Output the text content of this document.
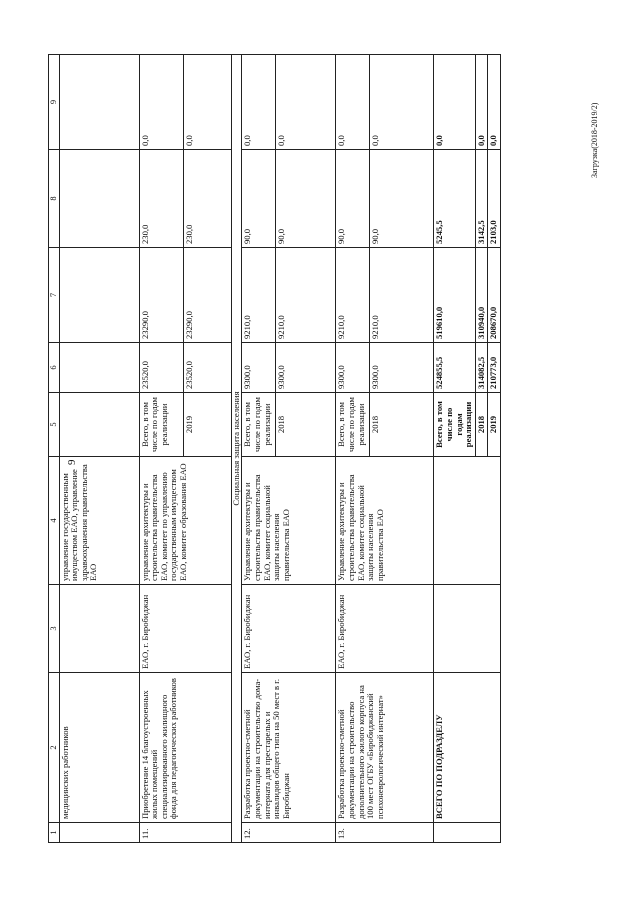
9
1	2	3	4	5	6	7	8	9
	медицинских работников		управление государственным имуществом ЕАО, управление здравоохранения правительства ЕАО					
11.	Приобретение 14 благоустроенных жилых помещений специализированного жилищного фонда для педагогических работников	ЕАО, г. Биробиджан	управление архитектуры и строительства правительства ЕАО, комитет по управлению государственным имуществом ЕАО, комитет образования ЕАО	Всего, в том числе по годам реализации	23520,0	23290,0	230,0	0,0
				2019	23520,0	23290,0	230,0	0,0
Социальная защита населения								
12.	Разработка проектно-сметной документации на строительство дома-интерната для престарелых и инвалидов общего типа на 50 мест в г. Биробиджан	ЕАО, г. Биробиджан	Управление архитектуры и строительства правительства ЕАО, комитет социальной защиты населения правительства ЕАО	Всего, в том числе по годам реализации	9300,0	9210,0	90,0	0,0
				2018	9300,0	9210,0	90,0	0,0
13.	Разработка проектно-сметной документации на строительство дополнительного жилого корпуса на 100 мест ОГБУ «Биробиджанский психоневрологический интернат»	ЕАО, г. Биробиджан	Управление архитектуры и строительства правительства ЕАО, комитет социальной защиты населения правительства ЕАО	Всего, в том числе по годам реализации	9300,0	9210,0	90,0	0,0
				2018	9300,0	9210,0	90,0	0,0
	ВСЕГО ПО ПОДРАЗДЕЛУ			Всего, в том числе по годам реализации	524855,5	519610,0	5245,5	0,0
				2018	314082,5	310940,0	3142,5	0,0
				2019	210773,0	208670,0	2103,0	0,0	Загрузка(2018-2019/2)
